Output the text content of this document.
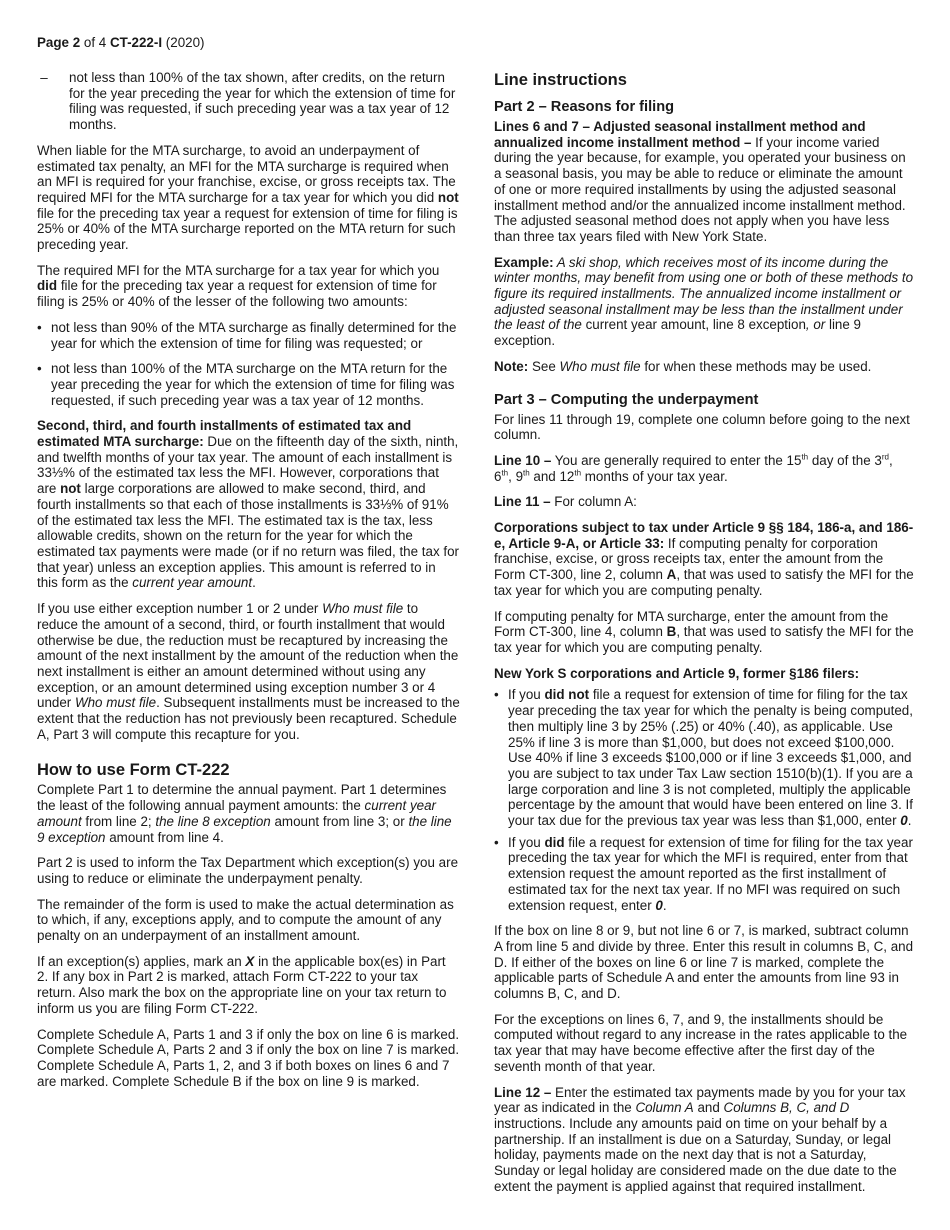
Page 2 of 4 CT-222-I (2020)
– not less than 100% of the tax shown, after credits, on the return for the year preceding the year for which the extension of time for filing was requested, if such preceding year was a tax year of 12 months.

When liable for the MTA surcharge, to avoid an underpayment of estimated tax penalty, an MFI for the MTA surcharge is required when an MFI is required for your franchise, excise, or gross receipts tax. The required MFI for the MTA surcharge for a tax year for which you did not file for the preceding tax year a request for extension of time for filing is 25% or 40% of the MTA surcharge reported on the MTA return for such preceding year.

The required MFI for the MTA surcharge for a tax year for which you did file for the preceding tax year a request for extension of time for filing is 25% or 40% of the lesser of the following two amounts:

• not less than 90% of the MTA surcharge as finally determined for the year for which the extension of time for filing was requested; or
• not less than 100% of the MTA surcharge on the MTA return for the year preceding the year for which the extension of time for filing was requested, if such preceding year was a tax year of 12 months.

Second, third, and fourth installments of estimated tax and estimated MTA surcharge: Due on the fifteenth day of the sixth, ninth, and twelfth months of your tax year. The amount of each installment is 33⅓% of the estimated tax less the MFI. However, corporations that are not large corporations are allowed to make second, third, and fourth installments so that each of those installments is 33⅓% of 91% of the estimated tax less the MFI. The estimated tax is the tax, less allowable credits, shown on the return for the year for which the estimated tax payments were made (or if no return was filed, the tax for that year) unless an exception applies. This amount is referred to in this form as the current year amount.

If you use either exception number 1 or 2 under Who must file to reduce the amount of a second, third, or fourth installment that would otherwise be due, the reduction must be recaptured by increasing the amount of the next installment by the amount of the reduction when the next installment is either an amount determined without using any exception, or an amount determined using exception number 3 or 4 under Who must file. Subsequent installments must be increased to the extent that the reduction has not previously been recaptured. Schedule A, Part 3 will compute this recapture for you.

How to use Form CT-222

Complete Part 1 to determine the annual payment. Part 1 determines the least of the following annual payment amounts: the current year amount from line 2; the line 8 exception amount from line 3; or the line 9 exception amount from line 4.

Part 2 is used to inform the Tax Department which exception(s) you are using to reduce or eliminate the underpayment penalty.

The remainder of the form is used to make the actual determination as to which, if any, exceptions apply, and to compute the amount of any penalty on an underpayment of an installment amount.

If an exception(s) applies, mark an X in the applicable box(es) in Part 2. If any box in Part 2 is marked, attach Form CT-222 to your tax return. Also mark the box on the appropriate line on your tax return to inform us you are filing Form CT-222.

Complete Schedule A, Parts 1 and 3 if only the box on line 6 is marked. Complete Schedule A, Parts 2 and 3 if only the box on line 7 is marked. Complete Schedule A, Parts 1, 2, and 3 if both boxes on lines 6 and 7 are marked. Complete Schedule B if the box on line 9 is marked.

Line instructions
Part 2 – Reasons for filing

Lines 6 and 7 – Adjusted seasonal installment method and annualized income installment method – If your income varied during the year because, for example, you operated your business on a seasonal basis, you may be able to reduce or eliminate the amount of one or more required installments by using the adjusted seasonal installment method and/or the annualized income installment method. The adjusted seasonal method does not apply when you have less than three tax years filed with New York State.

Example: A ski shop, which receives most of its income during the winter months, may benefit from using one or both of these methods to figure its required installments. The annualized income installment or adjusted seasonal installment may be less than the installment under the least of the current year amount, line 8 exception, or line 9 exception.

Note: See Who must file for when these methods may be used.

Part 3 – Computing the underpayment

For lines 11 through 19, complete one column before going to the next column.

Line 10 – You are generally required to enter the 15th day of the 3rd, 6th, 9th and 12th months of your tax year.

Line 11 – For column A:

Corporations subject to tax under Article 9 §§ 184, 186-a, and 186-e, Article 9-A, or Article 33: If computing penalty for corporation franchise, excise, or gross receipts tax, enter the amount from the Form CT-300, line 2, column A, that was used to satisfy the MFI for the tax year for which you are computing penalty.

If computing penalty for MTA surcharge, enter the amount from the Form CT-300, line 4, column B, that was used to satisfy the MFI for the tax year for which you are computing penalty.

New York S corporations and Article 9, former §186 filers:

• If you did not file a request for extension of time for filing for the tax year preceding the tax year for which the penalty is being computed, then multiply line 3 by 25% (.25) or 40% (.40), as applicable. Use 25% if line 3 is more than $1,000, but does not exceed $100,000. Use 40% if line 3 exceeds $100,000 or if line 3 exceeds $1,000, and you are subject to tax under Tax Law section 1510(b)(1). If you are a large corporation and line 3 is not completed, multiply the applicable percentage by the amount that would have been entered on line 3. If your tax due for the previous tax year was less than $1,000, enter 0.
• If you did file a request for extension of time for filing for the tax year preceding the tax year for which the MFI is required, enter from that extension request the amount reported as the first installment of estimated tax for the next tax year. If no MFI was required on such extension request, enter 0.

If the box on line 8 or 9, but not line 6 or 7, is marked, subtract column A from line 5 and divide by three. Enter this result in columns B, C, and D. If either of the boxes on line 6 or line 7 is marked, complete the applicable parts of Schedule A and enter the amounts from line 93 in columns B, C, and D.

For the exceptions on lines 6, 7, and 9, the installments should be computed without regard to any increase in the rates applicable to the tax year that may have become effective after the first day of the seventh month of that year.

Line 12 – Enter the estimated tax payments made by you for your tax year as indicated in the Column A and Columns B, C, and D instructions. Include any amounts paid on time on your behalf by a partnership. If an installment is due on a Saturday, Sunday, or legal holiday, payments made on the next day that is not a Saturday, Sunday or legal holiday are considered made on the due date to the extent the payment is applied against that required installment.
